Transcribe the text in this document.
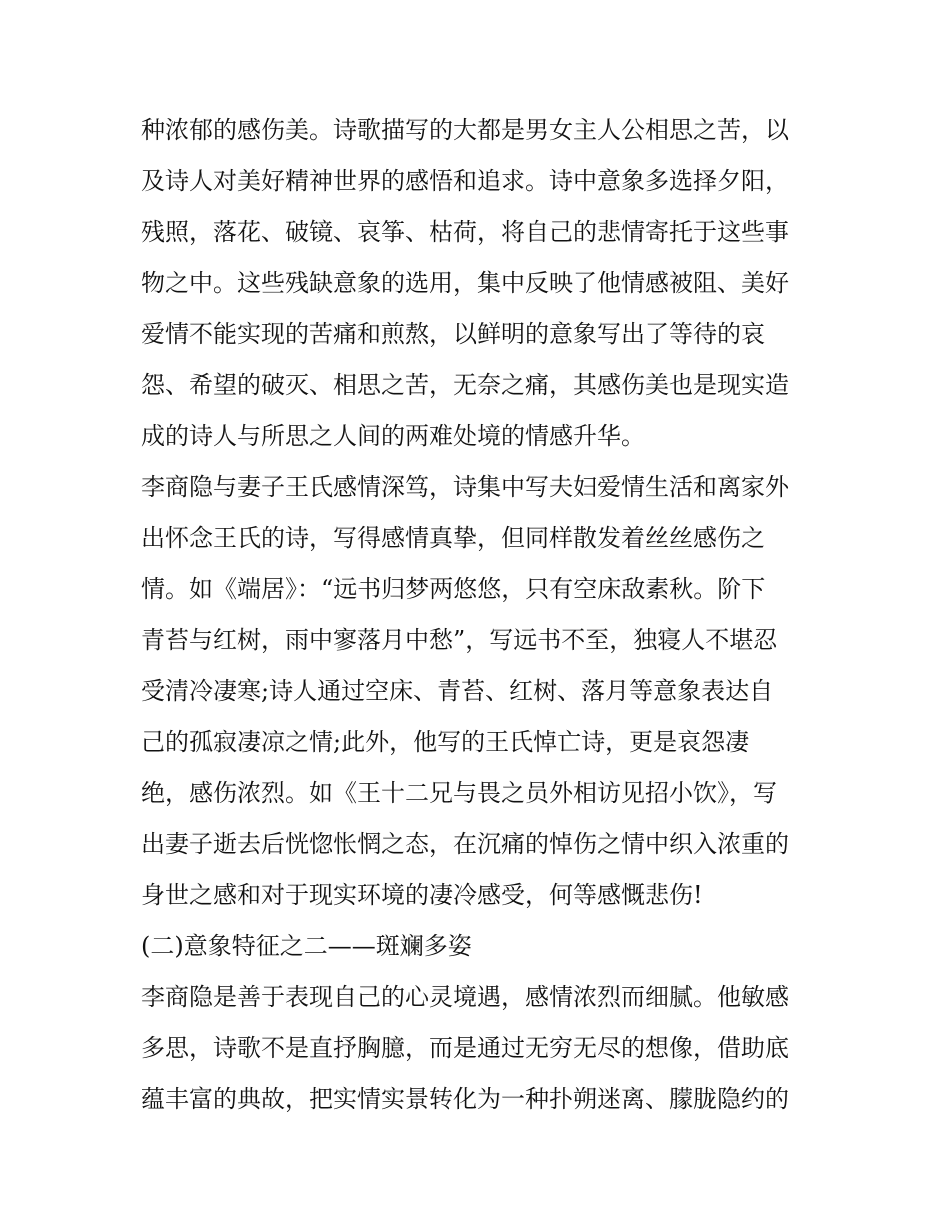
种浓郁的感伤美。诗歌描写的大都是男女主人公相思之苦，以
及诗人对美好精神世界的感悟和追求。诗中意象多选择夕阳，
残照，落花、破镜、哀筝、枯荷，将自己的悲情寄托于这些事
物之中。这些残缺意象的选用，集中反映了他情感被阻、美好
爱情不能实现的苦痛和煎熬，以鲜明的意象写出了等待的哀
怨、希望的破灭、相思之苦，无奈之痛，其感伤美也是现实造
成的诗人与所思之人间的两难处境的情感升华。
李商隐与妻子王氏感情深笃，诗集中写夫妇爱情生活和离家外
出怀念王氏的诗，写得感情真挚，但同样散发着丝丝感伤之
情。如《端居》：“远书归梦两悠悠，只有空床敌素秋。阶下
青苔与红树，雨中寥落月中愁”，写远书不至，独寝人不堪忍
受清冷凄寒;诗人通过空床、青苔、红树、落月等意象表达自
己的孤寂凄凉之情;此外，他写的王氏悼亡诗，更是哀怨凄
绝，感伤浓烈。如《王十二兄与畏之员外相访见招小饮》，写
出妻子逝去后恍惚怅惘之态，在沉痛的悼伤之情中织入浓重的
身世之感和对于现实环境的凄冷感受，何等感慨悲伤!
(二)意象特征之二——斑斓多姿
李商隐是善于表现自己的心灵境遇，感情浓烈而细腻。他敏感
多思，诗歌不是直抒胸臆，而是通过无穷无尽的想像，借助底
蕴丰富的典故，把实情实景转化为一种扑朔迷离、朦胧隐约的
